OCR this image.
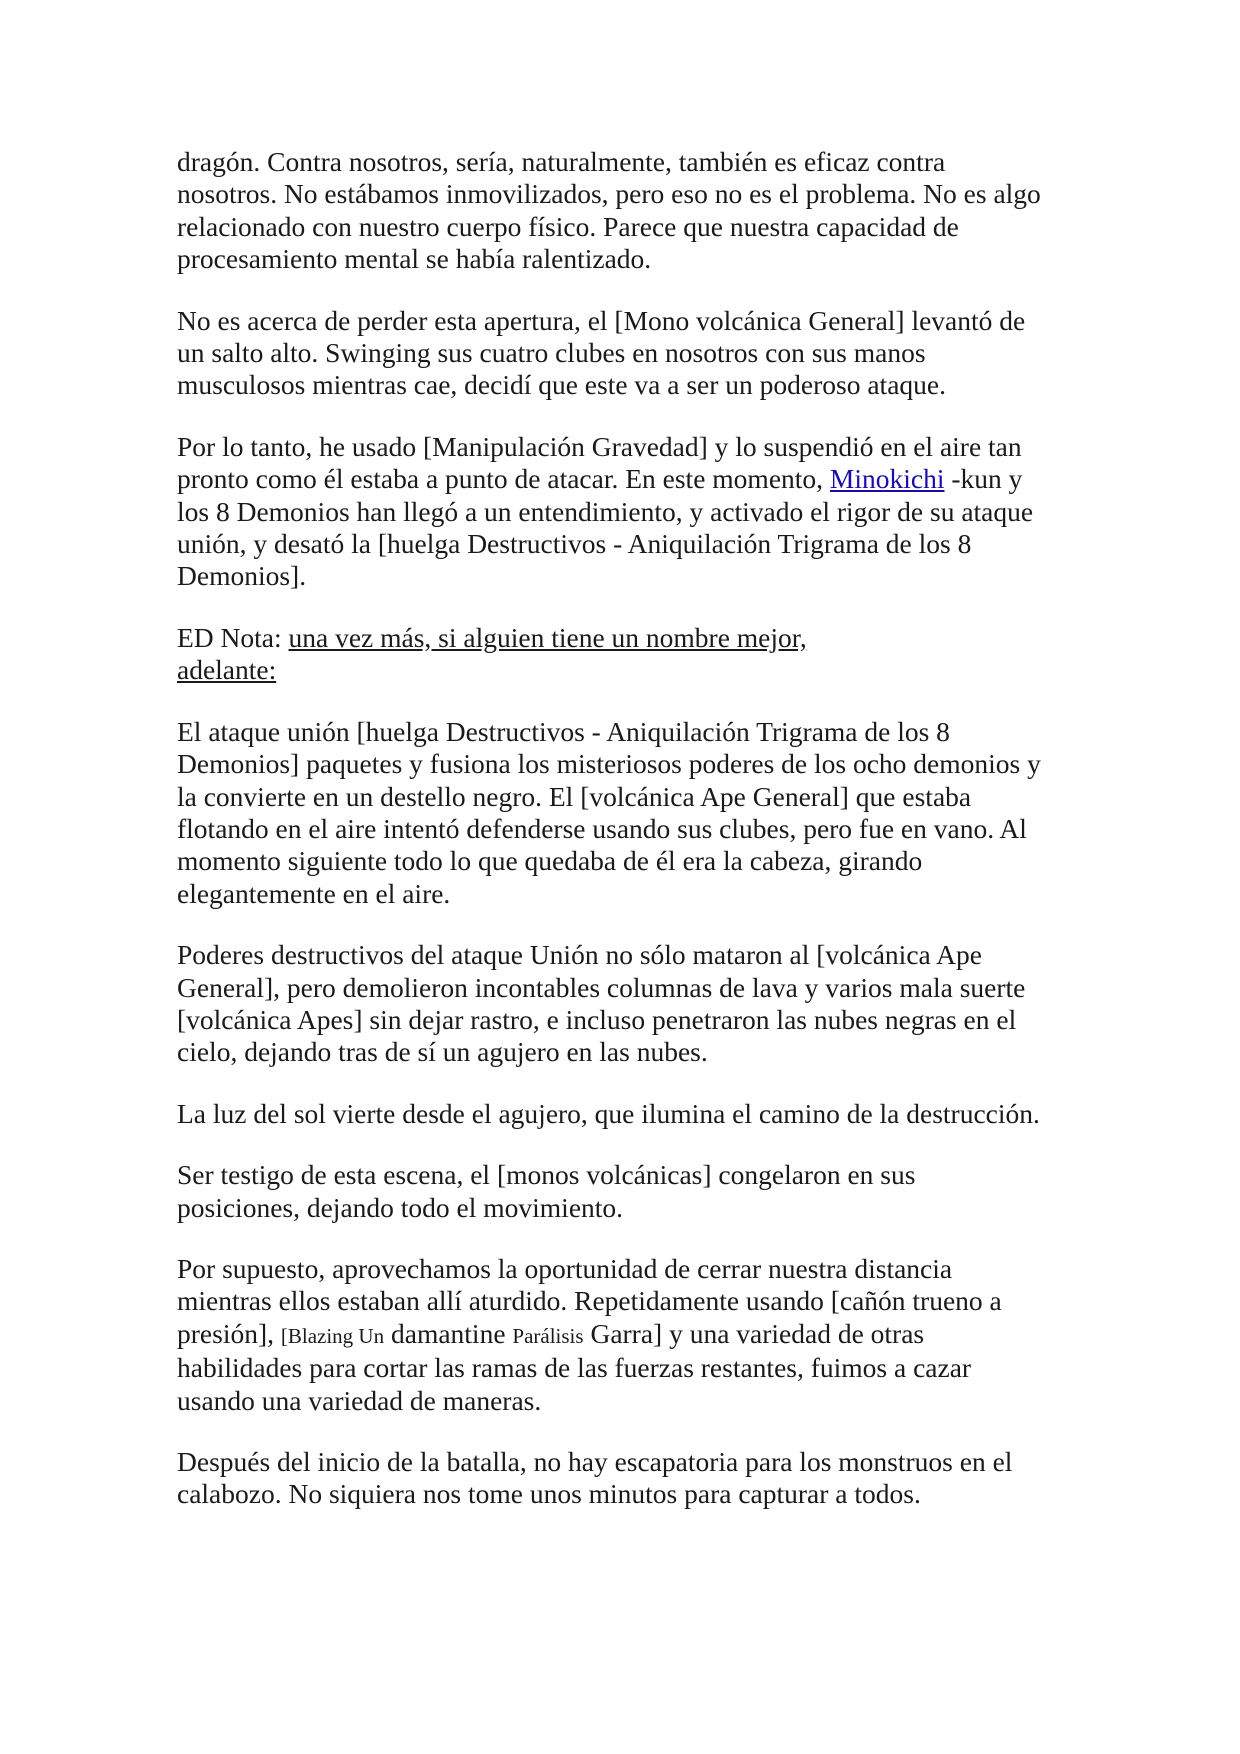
dragón. Contra nosotros, sería, naturalmente, también es eficaz contra
nosotros. No estábamos inmovilizados, pero eso no es el problema. No es algo
relacionado con nuestro cuerpo físico. Parece que nuestra capacidad de
procesamiento mental se había ralentizado.

No es acerca de perder esta apertura, el [Mono volcánica General] levantó de
un salto alto. Swinging sus cuatro clubes en nosotros con sus manos
musculosos mientras cae, decidí que este va a ser un poderoso ataque.

Por lo tanto, he usado [Manipulación Gravedad] y lo suspendió en el aire tan
pronto como él estaba a punto de atacar. En este momento, Minokichi -kun y
los 8 Demonios han llegó a un entendimiento, y activado el rigor de su ataque
unión, y desató la [huelga Destructivos - Aniquilación Trigrama de los 8
Demonios].

ED Nota: una vez más, si alguien tiene un nombre mejor,
adelante:

El ataque unión [huelga Destructivos - Aniquilación Trigrama de los 8
Demonios] paquetes y fusiona los misteriosos poderes de los ocho demonios y
la convierte en un destello negro. El [volcánica Ape General] que estaba
flotando en el aire intentó defenderse usando sus clubes, pero fue en vano. Al
momento siguiente todo lo que quedaba de él era la cabeza, girando
elegantemente en el aire.

Poderes destructivos del ataque Unión no sólo mataron al [volcánica Ape
General], pero demolieron incontables columnas de lava y varios mala suerte
[volcánica Apes] sin dejar rastro, e incluso penetraron las nubes negras en el
cielo, dejando tras de sí un agujero en las nubes.

La luz del sol vierte desde el agujero, que ilumina el camino de la destrucción.

Ser testigo de esta escena, el [monos volcánicas] congelaron en sus
posiciones, dejando todo el movimiento.

Por supuesto, aprovechamos la oportunidad de cerrar nuestra distancia
mientras ellos estaban allí aturdido. Repetidamente usando [cañón trueno a
presión], [Blazing Un damantine Parálisis Garra] y una variedad de otras
habilidades para cortar las ramas de las fuerzas restantes, fuimos a cazar
usando una variedad de maneras.

Después del inicio de la batalla, no hay escapatoria para los monstruos en el
calabozo. No siquiera nos tome unos minutos para capturar a todos.
